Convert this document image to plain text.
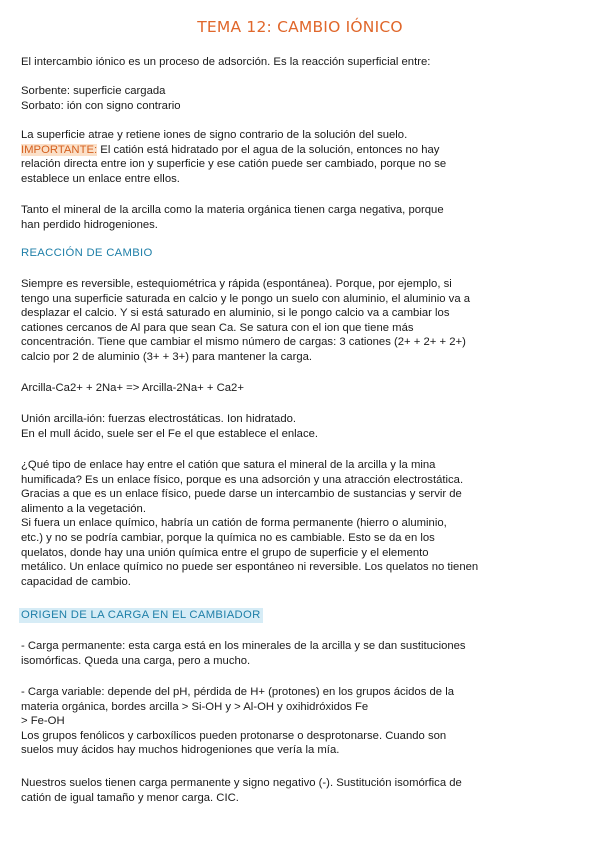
TEMA 12: CAMBIO IÓNICO

El intercambio iónico es un proceso de adsorción. Es la reacción superficial entre:

Sorbente: superficie cargada
Sorbato: ión con signo contrario

La superficie atrae y retiene iones de signo contrario de la solución del suelo.
IMPORTANTE: El catión está hidratado por el agua de la solución, entonces no hay
relación directa entre ion y superficie y ese catión puede ser cambiado, porque no se
establece un enlace entre ellos.

Tanto el mineral de la arcilla como la materia orgánica tienen carga negativa, porque
han perdido hidrogeniones.

REACCIÓN DE CAMBIO

Siempre es reversible, estequiométrica y rápida (espontánea). Porque, por ejemplo, si
tengo una superficie saturada en calcio y le pongo un suelo con aluminio, el aluminio va a
desplazar el calcio. Y si está saturado en aluminio, si le pongo calcio va a cambiar los
cationes cercanos de Al para que sean Ca. Se satura con el ion que tiene más
concentración. Tiene que cambiar el mismo número de cargas: 3 cationes (2+ + 2+ + 2+)
calcio por 2 de aluminio (3+ + 3+) para mantener la carga.

Arcilla-Ca2+ + 2Na+ => Arcilla-2Na+ + Ca2+

Unión arcilla-ión: fuerzas electrostáticas. Ion hidratado.
En el mull ácido, suele ser el Fe el que establece el enlace.

¿Qué tipo de enlace hay entre el catión que satura el mineral de la arcilla y la mina
humificada? Es un enlace físico, porque es una adsorción y una atracción electrostática.
Gracias a que es un enlace físico, puede darse un intercambio de sustancias y servir de
alimento a la vegetación.
Si fuera un enlace químico, habría un catión de forma permanente (hierro o aluminio,
etc.) y no se podría cambiar, porque la química no es cambiable. Esto se da en los
quelatos, donde hay una unión química entre el grupo de superficie y el elemento
metálico. Un enlace químico no puede ser espontáneo ni reversible. Los quelatos no tienen
capacidad de cambio.

ORIGEN DE LA CARGA EN EL CAMBIADOR

- Carga permanente: esta carga está en los minerales de la arcilla y se dan sustituciones
isomórficas. Queda una carga, pero a mucho.

- Carga variable: depende del pH, pérdida de H+ (protones) en los grupos ácidos de la
materia orgánica, bordes arcilla > Si-OH y > Al-OH y oxihidróxidos Fe
> Fe-OH
Los grupos fenólicos y carboxílicos pueden protonarse o desprotonarse. Cuando son
suelos muy ácidos hay muchos hidrogeniones que vería la mía.

Nuestros suelos tienen carga permanente y signo negativo (-). Sustitución isomórfica de
catión de igual tamaño y menor carga. CIC.
